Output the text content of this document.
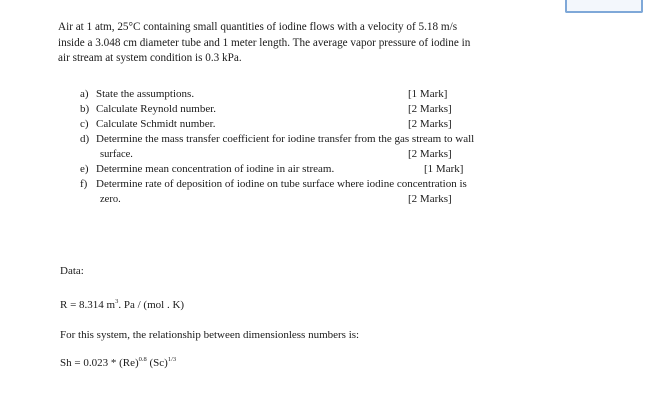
Air at 1 atm, 25°C containing small quantities of iodine flows with a velocity of 5.18 m/s
inside a 3.048 cm diameter tube and 1 meter length. The average vapor pressure of iodine in
air stream at system condition is 0.3 kPa.

a) State the assumptions.	[1 Mark]
b) Calculate Reynold number.	[2 Marks]
c) Calculate Schmidt number.	[2 Marks]
d) Determine the mass transfer coefficient for iodine transfer from the gas stream to wall
surface.	[2 Marks]
e) Determine mean concentration of iodine in air stream.	[1 Mark]
f) Determine rate of deposition of iodine on tube surface where iodine concentration is
zero.	[2 Marks]
Data:
R = 8.314 $m^3$. Pa / (mol . K)
For this system, the relationship between dimensionless numbers is:
$Sh = 0.023 * (Re)^{0.8}$ $(Sc)^{1/3}$
